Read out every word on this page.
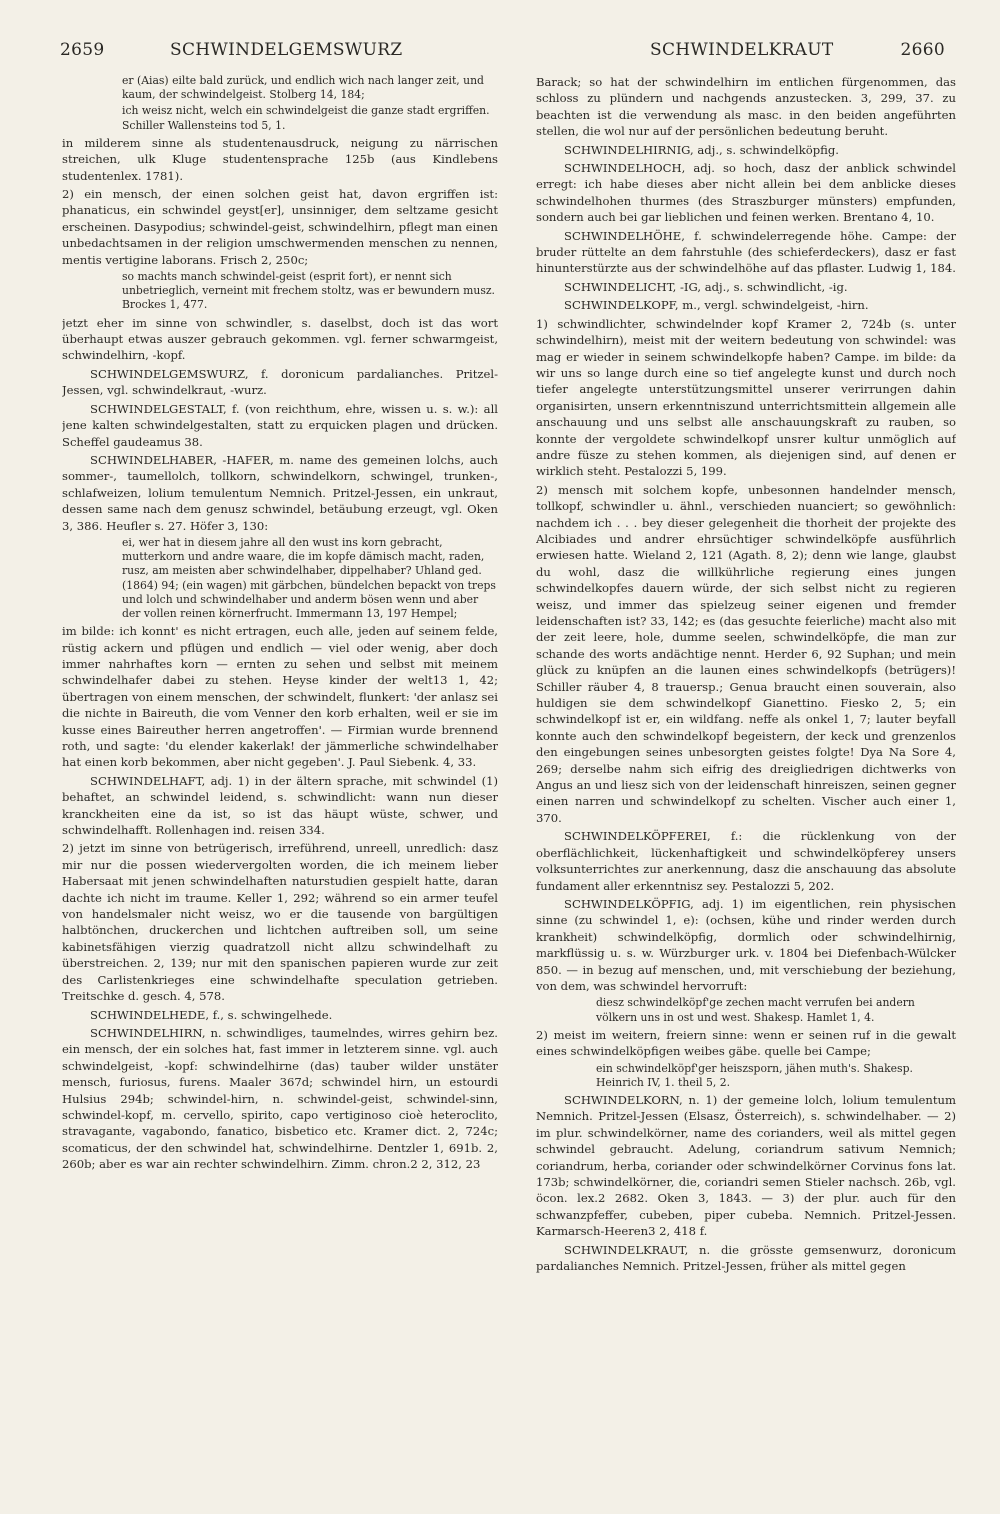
2659	SCHWINDELGEMSWURZ	SCHWINDELKRAUT	2660

er (Aias) eilte bald zurück, und endlich wich nach langer zeit, und kaum, der schwindelgeist. Stolberg 14, 184;

ich weisz nicht, welch ein schwindelgeist die ganze stadt ergriffen. Schiller Wallensteins tod 5, 1.

in milderem sinne als studentenausdruck, neigung zu närrischen streichen, ulk Kluge studentensprache 125b (aus Kindlebens studentenlex. 1781).

2) ein mensch, der einen solchen geist hat, davon ergriffen ist: phanaticus, ein schwindel geyst[er], unsinniger, dem seltzame gesicht erscheinen. Dasypodius; schwindel-geist, schwindelhirn, pflegt man einen unbedachtsamen in der religion umschwermenden menschen zu nennen, mentis vertigine laborans. Frisch 2, 250c;

so machts manch schwindel-geist (esprit fort), er nennt sich unbetrieglich, verneint mit frechem stoltz, was er bewundern musz. Brockes 1, 477.

jetzt eher im sinne von schwindler, s. daselbst, doch ist das wort überhaupt etwas auszer gebrauch gekommen. vgl. ferner schwarmgeist, schwindelhirn, -kopf.

SCHWINDELGEMSWURZ, f. doronicum pardalianches. Pritzel-Jessen, vgl. schwindelkraut, -wurz.

SCHWINDELGESTALT, f. (von reichthum, ehre, wissen u. s. w.): all jene kalten schwindelgestalten, statt zu erquicken plagen und drücken. Scheffel gaudeamus 38.

SCHWINDELHABER, -HAFER, m. name des gemeinen lolchs, auch sommer-, taumellolch, tollkorn, schwindelkorn, schwingel, trunken-, schlafweizen, lolium temulentum Nemnich. Pritzel-Jessen, ein unkraut, dessen same nach dem genusz schwindel, betäubung erzeugt, vgl. Oken 3, 386. Heufler s. 27. Höfer 3, 130:

ei, wer hat in diesem jahre all den wust ins korn gebracht, mutterkorn und andre waare, die im kopfe dämisch macht, raden, rusz, am meisten aber schwindelhaber, dippelhaber? Uhland ged. (1864) 94; (ein wagen) mit gärbchen, bündelchen bepackt von treps und lolch und schwindelhaber und anderm bösen wenn und aber der vollen reinen körnerfrucht. Immermann 13, 197 Hempel;

im bilde: ich konnt' es nicht ertragen, euch alle, jeden auf seinem felde, rüstig ackern und pflügen und endlich — viel oder wenig, aber doch immer nahrhaftes korn — ernten zu sehen und selbst mit meinem schwindelhafer dabei zu stehen. Heyse kinder der welt13 1, 42; übertragen von einem menschen, der schwindelt, flunkert: 'der anlasz sei die nichte in Baireuth, die vom Venner den korb erhalten, weil er sie im kusse eines Baireuther herren angetroffen'. — Firmian wurde brennend roth, und sagte: 'du elender kakerlak! der jämmerliche schwindelhaber hat einen korb bekommen, aber nicht gegeben'. J. Paul Siebenk. 4, 33.

SCHWINDELHAFT, adj. 1) in der ältern sprache, mit schwindel (1) behaftet, an schwindel leidend, s. schwindlicht: wann nun dieser kranckheiten eine da ist, so ist das häupt wüste, schwer, und schwindelhafft. Rollenhagen ind. reisen 334.

2) jetzt im sinne von betrügerisch, irreführend, unreell, unredlich: dasz mir nur die possen wiedervergolten worden, die ich meinem lieber Habersaat mit jenen schwindelhaften naturstudien gespielt hatte, daran dachte ich nicht im traume. Keller 1, 292; während so ein armer teufel von handelsmaler nicht weisz, wo er die tausende von bargültigen halbtönchen, druckerchen und lichtchen auftreiben soll, um seine kabinetsfähigen vierzig quadratzoll nicht allzu schwindelhaft zu überstreichen. 2, 139; nur mit den spanischen papieren wurde zur zeit des Carlistenkrieges eine schwindelhafte speculation getrieben. Treitschke d. gesch. 4, 578.

SCHWINDELHEDE, f., s. schwingelhede.

SCHWINDELHIRN, n. schwindliges, taumelndes, wirres gehirn bez. ein mensch, der ein solches hat, fast immer in letzterem sinne. vgl. auch schwindelgeist, -kopf: schwindelhirne (das) tauber wilder unstäter mensch, furiosus, furens. Maaler 367d; schwindel hirn, un estourdi Hulsius 294b; schwindel-hirn, n. schwindel-geist, schwindel-sinn, schwindel-kopf, m. cervello, spirito, capo vertiginoso cioè heteroclito, stravagante, vagabondo, fanatico, bisbetico etc. Kramer dict. 2, 724c; scomaticus, der den schwindel hat, schwindelhirne. Dentzler 1, 691b. 2, 260b; aber es war ain rechter schwindelhirn. Zimm. chron.2 2, 312, 23

Barack; so hat der schwindelhirn im entlichen fürgenommen, das schloss zu plündern und nachgends anzustecken. 3, 299, 37. zu beachten ist die verwendung als masc. in den beiden angeführten stellen, die wol nur auf der persönlichen bedeutung beruht.

SCHWINDELHIRNIG, adj., s. schwindelköpfig.

SCHWINDELHOCH, adj. so hoch, dasz der anblick schwindel erregt: ich habe dieses aber nicht allein bei dem anblicke dieses schwindelhohen thurmes (des Straszburger münsters) empfunden, sondern auch bei gar lieblichen und feinen werken. Brentano 4, 10.

SCHWINDELHÖHE, f. schwindelerregende höhe. Campe: der bruder rüttelte an dem fahrstuhle (des schieferdeckers), dasz er fast hinunterstürzte aus der schwindelhöhe auf das pflaster. Ludwig 1, 184.

SCHWINDELICHT, -IG, adj., s. schwindlicht, -ig.

SCHWINDELKOPF, m., vergl. schwindelgeist, -hirn.

1) schwindlichter, schwindelnder kopf Kramer 2, 724b (s. unter schwindelhirn), meist mit der weitern bedeutung von schwindel: was mag er wieder in seinem schwindelkopfe haben? Campe. im bilde: da wir uns so lange durch eine so tief angelegte kunst und durch noch tiefer angelegte unterstützungsmittel unserer verirrungen dahin organisirten, unsern erkenntniszund unterrichtsmittein allgemein alle anschauung und uns selbst alle anschauungskraft zu rauben, so konnte der vergoldete schwindelkopf unsrer kultur unmöglich auf andre füsze zu stehen kommen, als diejenigen sind, auf denen er wirklich steht. Pestalozzi 5, 199.

2) mensch mit solchem kopfe, unbesonnen handelnder mensch, tollkopf, schwindler u. ähnl., verschieden nuanciert; so gewöhnlich: nachdem ich . . . bey dieser gelegenheit die thorheit der projekte des Alcibiades und andrer ehrsüchtiger schwindelköpfe ausführlich erwiesen hatte. Wieland 2, 121 (Agath. 8, 2); denn wie lange, glaubst du wohl, dasz die willkührliche regierung eines jungen schwindelkopfes dauern würde, der sich selbst nicht zu regieren weisz, und immer das spielzeug seiner eigenen und fremder leidenschaften ist? 33, 142; es (das gesuchte feierliche) macht also mit der zeit leere, hole, dumme seelen, schwindelköpfe, die man zur schande des worts andächtige nennt. Herder 6, 92 Suphan; und mein glück zu knüpfen an die launen eines schwindelkopfs (betrügers)! Schiller räuber 4, 8 trauersp.; Genua braucht einen souverain, also huldigen sie dem schwindelkopf Gianettino. Fiesko 2, 5; ein schwindelkopf ist er, ein wildfang. neffe als onkel 1, 7; lauter beyfall konnte auch den schwindelkopf begeistern, der keck und grenzenlos den eingebungen seines unbesorgten geistes folgte! Dya Na Sore 4, 269; derselbe nahm sich eifrig des dreigliedrigen dichtwerks von Angus an und liesz sich von der leidenschaft hinreiszen, seinen gegner einen narren und schwindelkopf zu schelten. Vischer auch einer 1, 370.

SCHWINDELKÖPFEREI, f.: die rücklenkung von der oberflächlichkeit, lückenhaftigkeit und schwindelköpferey unsers volksunterrichtes zur anerkennung, dasz die anschauung das absolute fundament aller erkenntnisz sey. Pestalozzi 5, 202.

SCHWINDELKÖPFIG, adj. 1) im eigentlichen, rein physischen sinne (zu schwindel 1, e): (ochsen, kühe und rinder werden durch krankheit) schwindelköpfig, dormlich oder schwindelhirnig, markflüssig u. s. w. Würzburger urk. v. 1804 bei Diefenbach-Wülcker 850. — in bezug auf menschen, und, mit verschiebung der beziehung, von dem, was schwindel hervorruft:

diesz schwindelköpf'ge zechen macht verrufen bei andern völkern uns in ost und west. Shakesp. Hamlet 1, 4.

2) meist im weitern, freiern sinne: wenn er seinen ruf in die gewalt eines schwindelköpfigen weibes gäbe. quelle bei Campe;

ein schwindelköpf'ger heiszsporn, jähen muth's. Shakesp. Heinrich IV, 1. theil 5, 2.

SCHWINDELKORN, n. 1) der gemeine lolch, lolium temulentum Nemnich. Pritzel-Jessen (Elsasz, Österreich), s. schwindelhaber. — 2) im plur. schwindelkörner, name des corianders, weil als mittel gegen schwindel gebraucht. Adelung, coriandrum sativum Nemnich; coriandrum, herba, coriander oder schwindelkörner Corvinus fons lat. 173b; schwindelkörner, die, coriandri semen Stieler nachsch. 26b, vgl. öcon. lex.2 2682. Oken 3, 1843. — 3) der plur. auch für den schwanzpfeffer, cubeben, piper cubeba. Nemnich. Pritzel-Jessen. Karmarsch-Heeren3 2, 418 f.

SCHWINDELKRAUT, n. die grösste gemsenwurz, doronicum pardalianches Nemnich. Pritzel-Jessen, früher als mittel gegen
